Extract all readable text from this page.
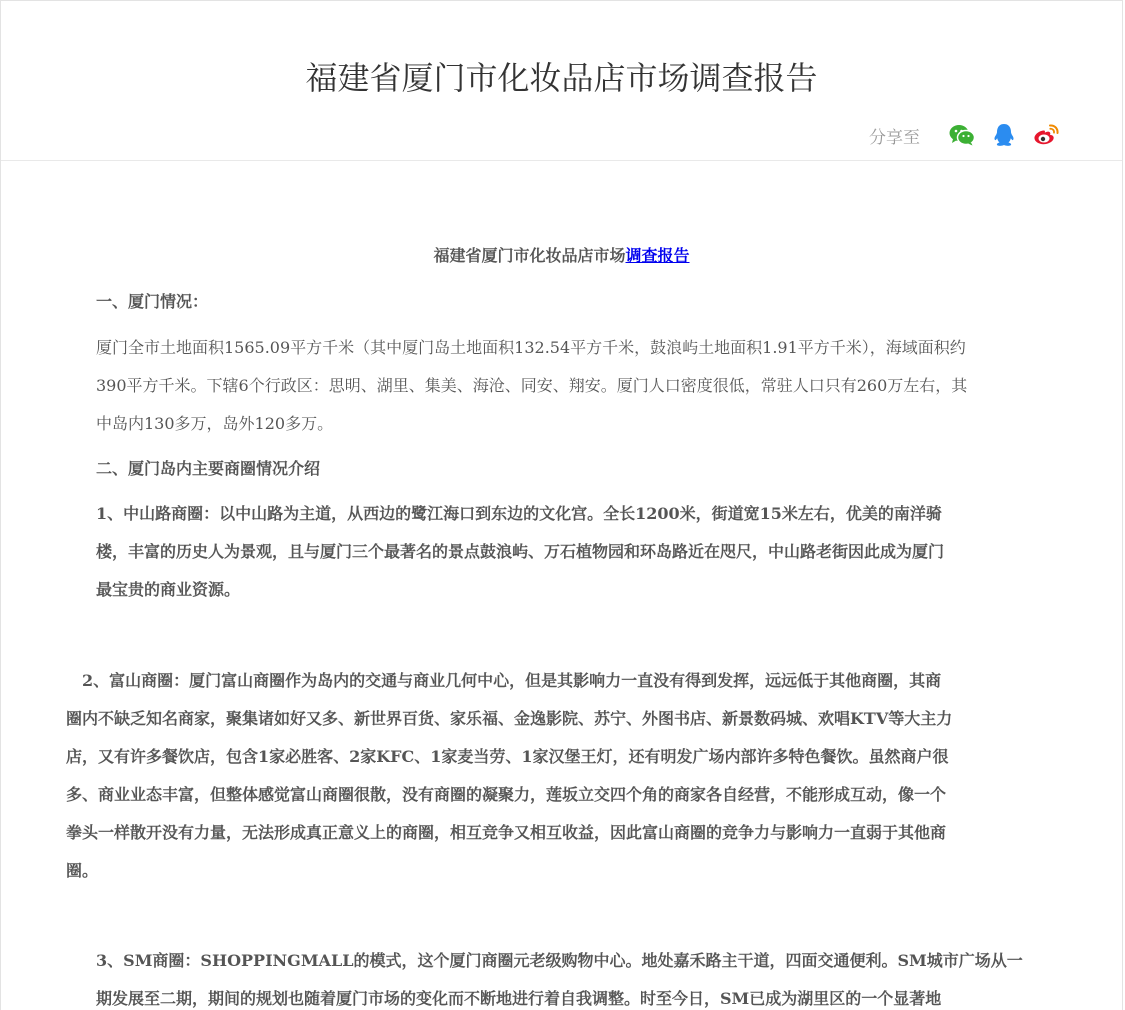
福建省厦门市化妆品店市场调查报告
分享至

福建省厦门市化妆品店市场调查报告

一、厦门情况：

厦门全市土地面积1565.09平方千米（其中厦门岛土地面积132.54平方千米，鼓浪屿土地面积1.91平方千米），海域面积约
390平方千米。下辖6个行政区：思明、湖里、集美、海沧、同安、翔安。厦门人口密度很低，常驻人口只有260万左右，其
中岛内130多万，岛外120多万。

二、厦门岛内主要商圈情况介绍

1、中山路商圈：以中山路为主道，从西边的鹭江海口到东边的文化宫。全长1200米，街道宽15米左右，优美的南洋骑
楼，丰富的历史人为景观，且与厦门三个最著名的景点鼓浪屿、万石植物园和环岛路近在咫尺，中山路老街因此成为厦门
最宝贵的商业资源。

　2、富山商圈：厦门富山商圈作为岛内的交通与商业几何中心，但是其影响力一直没有得到发挥，远远低于其他商圈，其商
圈内不缺乏知名商家，聚集诸如好又多、新世界百货、家乐福、金逸影院、苏宁、外图书店、新景数码城、欢唱KTV等大主力
店，又有许多餐饮店，包含1家必胜客、2家KFC、1家麦当劳、1家汉堡王灯，还有明发广场内部许多特色餐饮。虽然商户很
多、商业业态丰富，但整体感觉富山商圈很散，没有商圈的凝聚力，莲坂立交四个角的商家各自经营，不能形成互动，像一个
拳头一样散开没有力量，无法形成真正意义上的商圈，相互竞争又相互收益，因此富山商圈的竞争力与影响力一直弱于其他商
圈。

3、SM商圈：SHOPPINGMALL的模式，这个厦门商圈元老级购物中心。地处嘉禾路主干道，四面交通便利。SM城市广场从一
期发展至二期，期间的规划也随着厦门市场的变化而不断地进行着自我调整。时至今日，SM已成为湖里区的一个显著地
